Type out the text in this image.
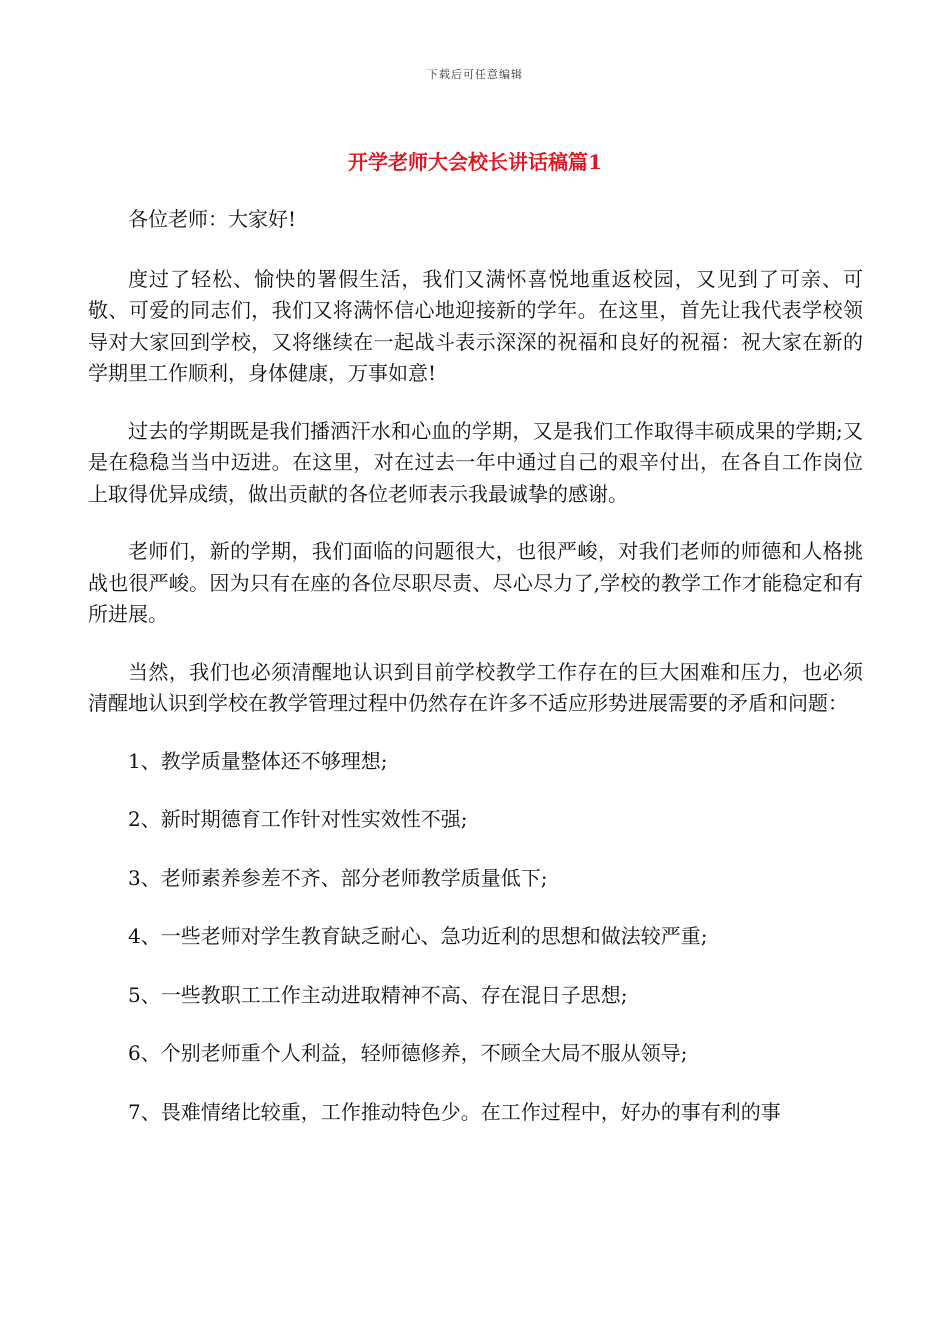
下载后可任意编辑
开学老师大会校长讲话稿篇1

各位老师：大家好!

度过了轻松、愉快的署假生活，我们又满怀喜悦地重返校园，又见到了可亲、可敬、可爱的同志们，我们又将满怀信心地迎接新的学年。在这里，首先让我代表学校领导对大家回到学校，又将继续在一起战斗表示深深的祝福和良好的祝福：祝大家在新的学期里工作顺利，身体健康，万事如意!

过去的学期既是我们播洒汗水和心血的学期，又是我们工作取得丰硕成果的学期;又是在稳稳当当中迈进。在这里，对在过去一年中通过自己的艰辛付出，在各自工作岗位上取得优异成绩，做出贡献的各位老师表示我最诚挚的感谢。

老师们，新的学期，我们面临的问题很大，也很严峻，对我们老师的师德和人格挑战也很严峻。因为只有在座的各位尽职尽责、尽心尽力了,学校的教学工作才能稳定和有所进展。

当然，我们也必须清醒地认识到目前学校教学工作存在的巨大困难和压力，也必须清醒地认识到学校在教学管理过程中仍然存在许多不适应形势进展需要的矛盾和问题：

1、教学质量整体还不够理想;

2、新时期德育工作针对性实效性不强;

3、老师素养参差不齐、部分老师教学质量低下;

4、一些老师对学生教育缺乏耐心、急功近利的思想和做法较严重;

5、一些教职工工作主动进取精神不高、存在混日子思想;

6、个别老师重个人利益，轻师德修养，不顾全大局不服从领导;

7、畏难情绪比较重，工作推动特色少。在工作过程中，好办的事有利的事
